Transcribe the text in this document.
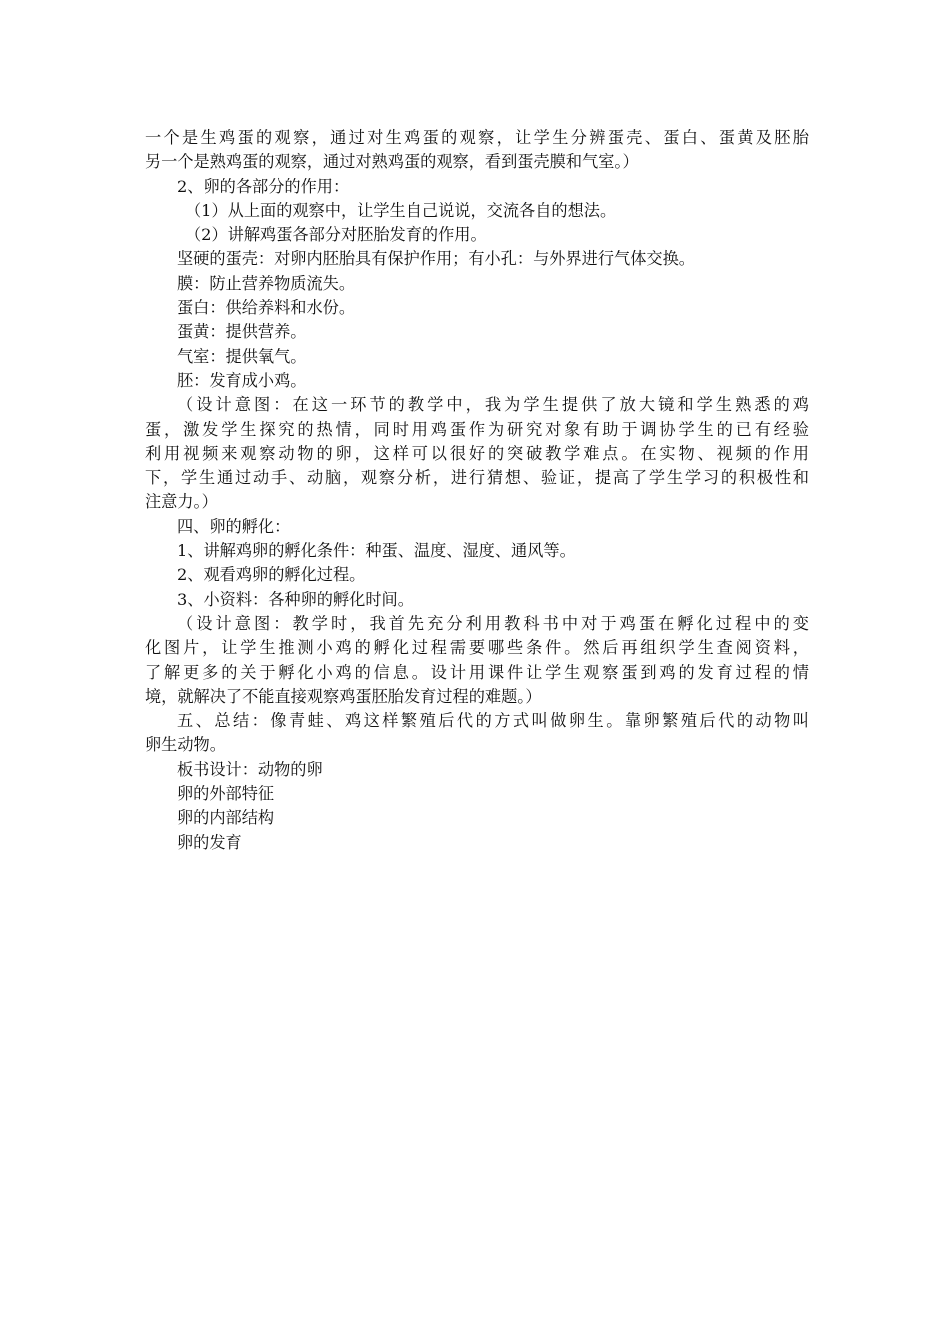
一个是生鸡蛋的观察，通过对生鸡蛋的观察，让学生分辨蛋壳、蛋白、蛋黄及胚胎
另一个是熟鸡蛋的观察，通过对熟鸡蛋的观察，看到蛋壳膜和气室。）
2、卵的各部分的作用：
（1）从上面的观察中，让学生自己说说，交流各自的想法。
（2）讲解鸡蛋各部分对胚胎发育的作用。
坚硬的蛋壳：对卵内胚胎具有保护作用；有小孔：与外界进行气体交换。
膜：防止营养物质流失。
蛋白：供给养料和水份。
蛋黄：提供营养。
气室：提供氧气。
胚：发育成小鸡。
（设计意图：在这一环节的教学中，我为学生提供了放大镜和学生熟悉的鸡
蛋，激发学生探究的热情，同时用鸡蛋作为研究对象有助于调协学生的已有经验
利用视频来观察动物的卵，这样可以很好的突破教学难点。在实物、视频的作用
下，学生通过动手、动脑，观察分析，进行猜想、验证，提高了学生学习的积极性和
注意力。）
四、卵的孵化：
1、讲解鸡卵的孵化条件：种蛋、温度、湿度、通风等。
2、观看鸡卵的孵化过程。
3、小资料：各种卵的孵化时间。
（设计意图：教学时，我首先充分利用教科书中对于鸡蛋在孵化过程中的变
化图片，让学生推测小鸡的孵化过程需要哪些条件。然后再组织学生查阅资料，
了解更多的关于孵化小鸡的信息。设计用课件让学生观察蛋到鸡的发育过程的情
境，就解决了不能直接观察鸡蛋胚胎发育过程的难题。）
五、总结：像青蛙、鸡这样繁殖后代的方式叫做卵生。靠卵繁殖后代的动物叫
卵生动物。
板书设计：动物的卵
卵的外部特征
卵的内部结构
卵的发育
